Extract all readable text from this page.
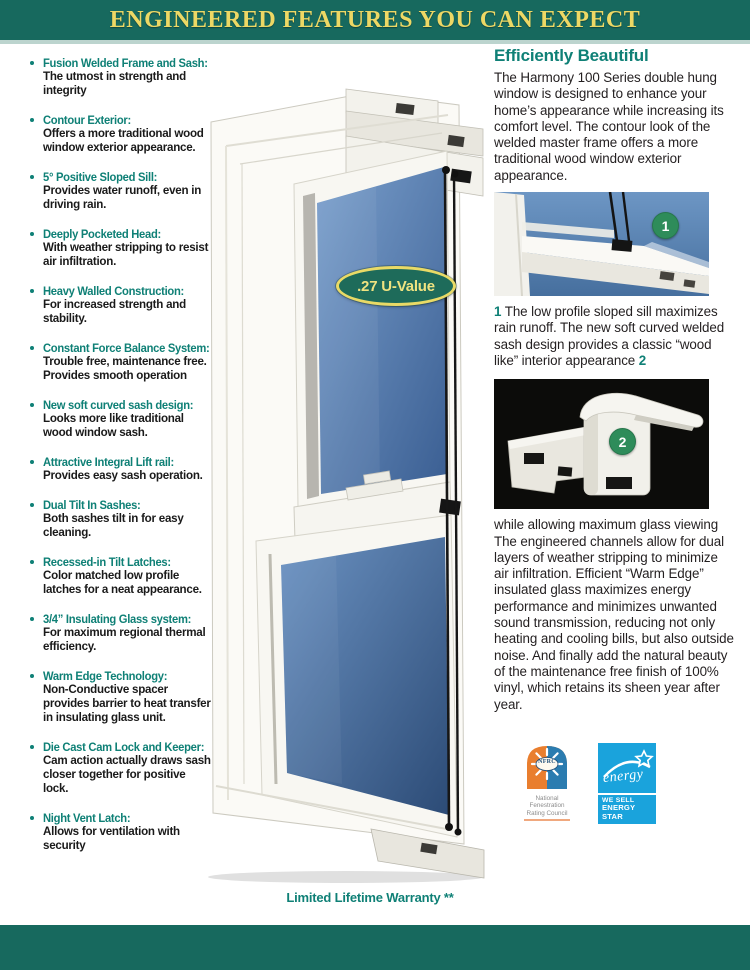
ENGINEERED FEATURES YOU CAN EXPECT
Fusion Welded Frame and Sash:
The utmost in strength and integrity
Contour Exterior:
Offers a more traditional wood window exterior appearance.
5° Positive Sloped Sill:
Provides water runoff, even in driving rain.
Deeply Pocketed Head:
With weather stripping to resist air infiltration.
Heavy Walled Construction:
For increased strength and stability.
Constant Force Balance System:
Trouble free, maintenance free. Provides smooth operation
New soft curved sash design:
Looks more like traditional wood window sash.
Attractive Integral Lift rail:
Provides easy sash operation.
Dual Tilt In Sashes:
Both sashes tilt in for easy cleaning.
Recessed-in Tilt Latches:
Color matched low profile latches for a neat appearance.
3/4” Insulating Glass system:
For maximum regional thermal efficiency.
Warm Edge Technology:
Non-Conductive spacer provides barrier to heat transfer in insulating glass unit.
Die Cast Cam Lock and Keeper:
Cam action actually draws sash closer together for positive lock.
Night Vent Latch:
Allows for ventilation with security
.27 U-Value
Limited Lifetime Warranty **
Efficiently Beautiful

The Harmony 100 Series double hung window is designed to enhance your home’s appearance while increasing its comfort level. The contour look of the welded master frame offers a more traditional wood window exterior appearance.

1

1 The low profile sloped sill maximizes rain runoff. The new soft curved welded sash design provides a classic “wood like” interior appearance 2

2

while allowing maximum glass viewing The engineered channels allow for dual layers of weather stripping to minimize air infiltration. Efficient “Warm Edge” insulated glass maximizes energy performance and minimizes unwanted sound transmission, reducing not only heating and cooling bills, but also outside noise. And finally add the natural beauty of the maintenance free finish of 100% vinyl, which retains its sheen year after year.

NFRC
National Fenestration
Rating Council
energy
WE SELL
ENERGY STAR
